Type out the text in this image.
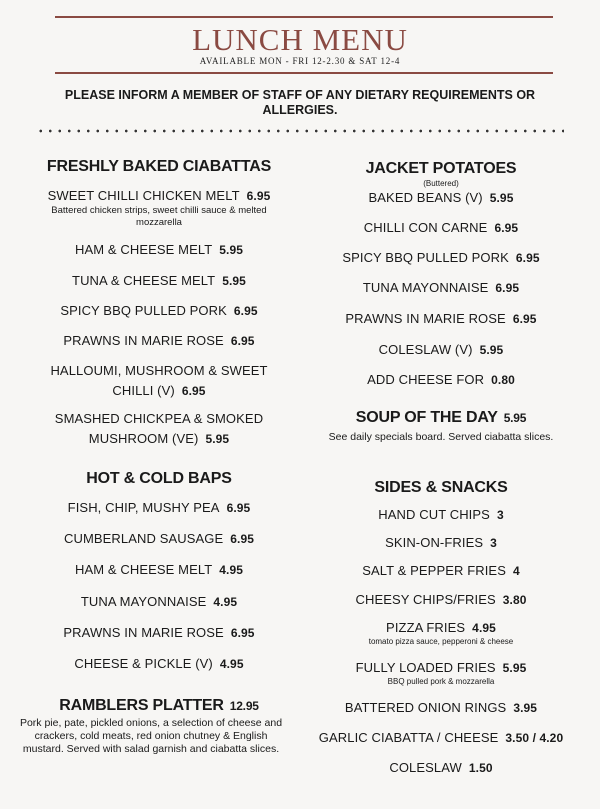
LUNCH MENU
AVAILABLE MON - FRI 12-2.30 & SAT 12-4
PLEASE INFORM A MEMBER OF STAFF OF ANY DIETARY REQUIREMENTS OR ALLERGIES.
FRESHLY BAKED CIABATTAS
SWEET CHILLI CHICKEN MELT 6.95
Battered chicken strips, sweet chilli sauce & melted mozzarella
HAM & CHEESE MELT 5.95
TUNA & CHEESE MELT 5.95
SPICY BBQ PULLED PORK 6.95
PRAWNS IN MARIE ROSE 6.95
HALLOUMI, MUSHROOM & SWEET
CHILLI (V) 6.95
SMASHED CHICKPEA & SMOKED
MUSHROOM (VE) 5.95
HOT & COLD BAPS
FISH, CHIP, MUSHY PEA 6.95
CUMBERLAND SAUSAGE 6.95
HAM & CHEESE MELT 4.95
TUNA MAYONNAISE 4.95
PRAWNS IN MARIE ROSE 6.95
CHEESE & PICKLE (V) 4.95
RAMBLERS PLATTER 12.95
Pork pie, pate, pickled onions, a selection of cheese and crackers, cold meats, red onion chutney & English mustard. Served with salad garnish and ciabatta slices.
JACKET POTATOES
(Buttered)
BAKED BEANS (V) 5.95
CHILLI CON CARNE 6.95
SPICY BBQ PULLED PORK 6.95
TUNA MAYONNAISE 6.95
PRAWNS IN MARIE ROSE 6.95
COLESLAW (V) 5.95
ADD CHEESE FOR 0.80
SOUP OF THE DAY 5.95
See daily specials board. Served ciabatta slices.
SIDES & SNACKS
HAND CUT CHIPS 3
SKIN-ON-FRIES 3
SALT & PEPPER FRIES 4
CHEESY CHIPS/FRIES 3.80
PIZZA FRIES 4.95
tomato pizza sauce, pepperoni & cheese
FULLY LOADED FRIES 5.95
BBQ pulled pork & mozzarella
BATTERED ONION RINGS 3.95
GARLIC CIABATTA / CHEESE 3.50 / 4.20
COLESLAW 1.50
